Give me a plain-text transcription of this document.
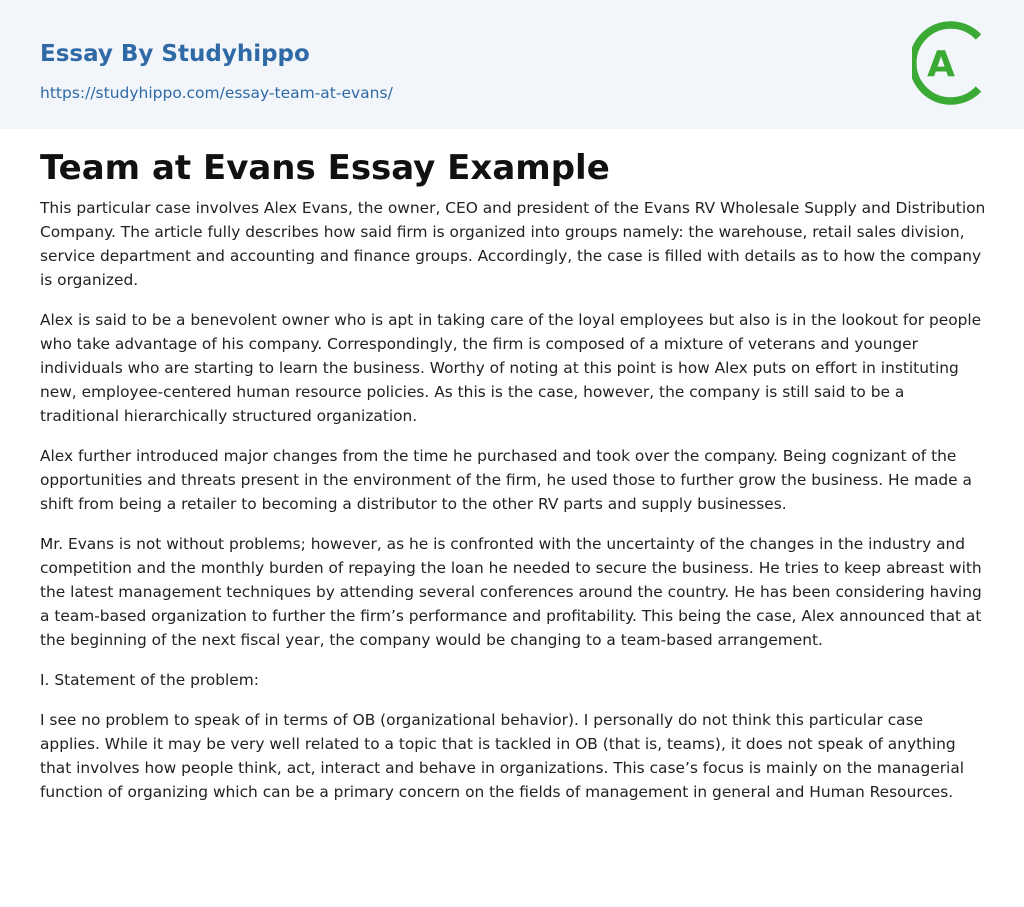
Essay By Studyhippo
https://studyhippo.com/essay-team-at-evans/
A
Team at Evans Essay Example

This particular case involves Alex Evans, the owner, CEO and president of the Evans RV Wholesale Supply and Distribution Company. The article fully describes how said firm is organized into groups namely: the warehouse, retail sales division, service department and accounting and finance groups. Accordingly, the case is filled with details as to how the company is organized.

Alex is said to be a benevolent owner who is apt in taking care of the loyal employees but also is in the lookout for people who take advantage of his company. Correspondingly, the firm is composed of a mixture of veterans and younger individuals who are starting to learn the business. Worthy of noting at this point is how Alex puts on effort in instituting new, employee-centered human resource policies. As this is the case, however, the company is still said to be a traditional hierarchically structured organization.

Alex further introduced major changes from the time he purchased and took over the company. Being cognizant of the opportunities and threats present in the environment of the firm, he used those to further grow the business. He made a shift from being a retailer to becoming a distributor to the other RV parts and supply businesses.

Mr. Evans is not without problems; however, as he is confronted with the uncertainty of the changes in the industry and competition and the monthly burden of repaying the loan he needed to secure the business. He tries to keep abreast with the latest management techniques by attending several conferences around the country. He has been considering having a team-based organization to further the firm’s performance and profitability. This being the case, Alex announced that at the beginning of the next fiscal year, the company would be changing to a team-based arrangement.

I. Statement of the problem:

I see no problem to speak of in terms of OB (organizational behavior). I personally do not think this particular case applies. While it may be very well related to a topic that is tackled in OB (that is, teams), it does not speak of anything that involves how people think, act, interact and behave in organizations. This case’s focus is mainly on the managerial function of organizing which can be a primary concern on the fields of management in general and Human Resources.
